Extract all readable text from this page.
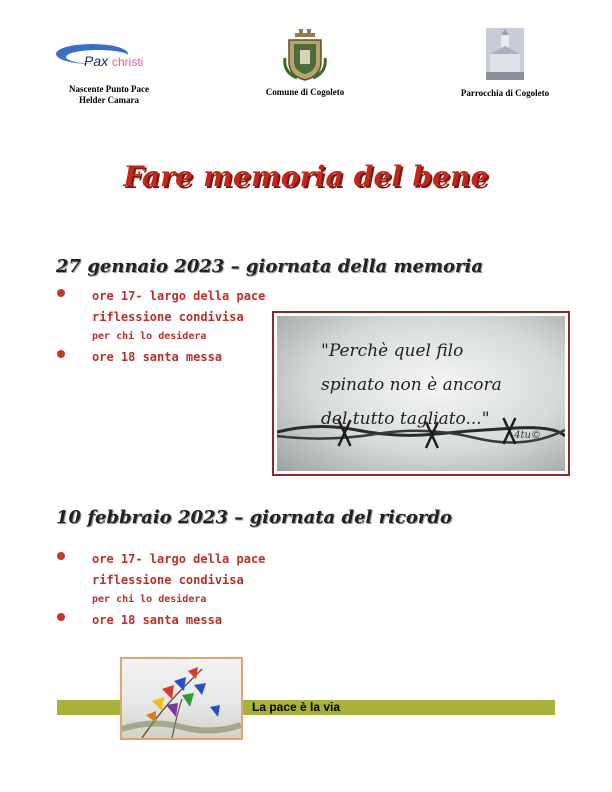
Pax christi
Nascente Punto Pace
Helder Camara
Comune di Cogoleto	Parrocchia di Cogoleto
Fare memoria del bene
27 gennaio 2023 – giornata della memoria
ore 17- largo della pace
riflessione condivisa
per chi lo desidera
ore 18 santa messa	"Perchè quel filo
spinato non è ancora
del tutto tagliato..."
4tu©
10 febbraio 2023 – giornata del ricordo
ore 17- largo della pace
riflessione condivisa
per chi lo desidera
ore 18 santa messa
La pace è la via
